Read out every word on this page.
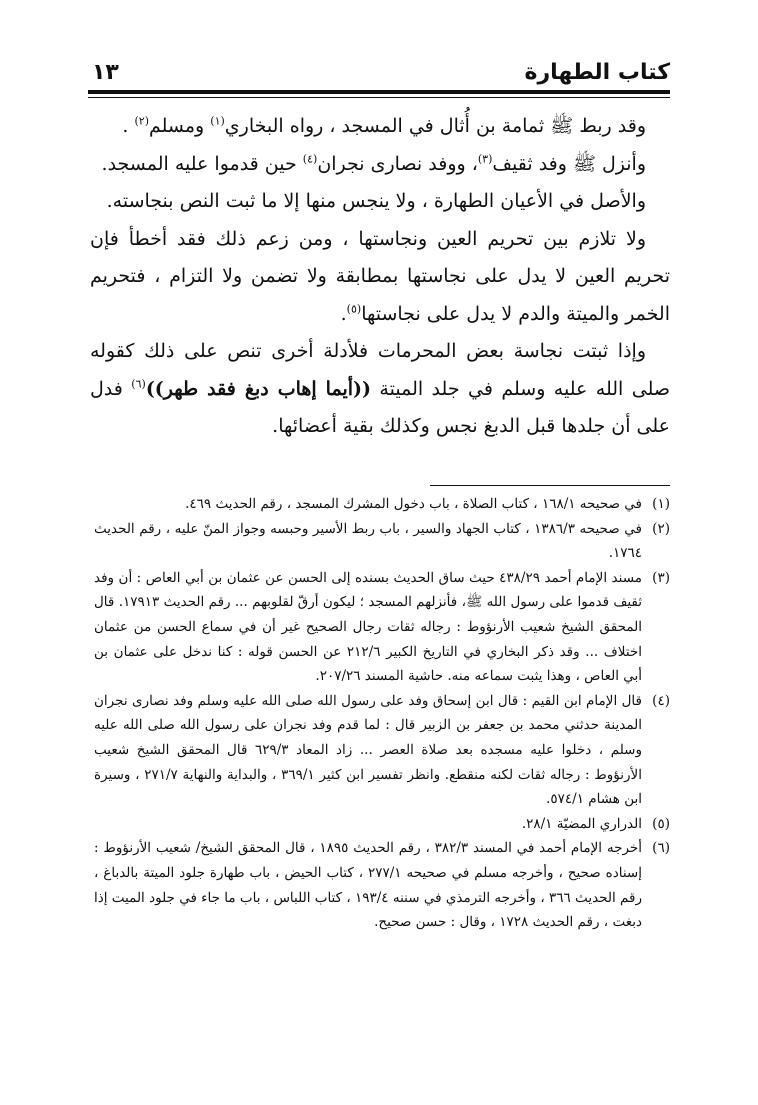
كتاب الطهارة
١٣

وقد ربط ﷺ ثمامة بن أُثال في المسجد ، رواه البخاري$^{(١)}$ ومسلم$^{(٢)}$ .

وأنزل ﷺ وفد ثقيف$^{(٣)}$، ووفد نصارى نجران$^{(٤)}$ حين قدموا عليه المسجد.

والأصل في الأعيان الطهارة ، ولا ينجس منها إلا ما ثبت النص بنجاسته.

ولا تلازم بين تحريم العين ونجاستها ، ومن زعم ذلك فقد أخطأ فإن تحريم العين لا يدل على نجاستها بمطابقة ولا تضمن ولا التزام ، فتحريم الخمر والميتة والدم لا يدل على نجاستها$^{(٥)}$.

وإذا ثبتت نجاسة بعض المحرمات فلأدلة أخرى تنص على ذلك كقوله صلى الله عليه وسلم في جلد الميتة ((أيما إهاب دبغ فقد طهر))$^{(٦)}$ فدل على أن جلدها قبل الدبغ نجس وكذلك بقية أعضائها.

(١)
في صحيحه ١٦٨/١ ، كتاب الصلاة ، باب دخول المشرك المسجد ، رقم الحديث ٤٦٩.

(٢)
في صحيحه ١٣٨٦/٣ ، كتاب الجهاد والسير ، باب ربط الأسير وحبسه وجواز المنّ عليه ، رقم الحديث ١٧٦٤.

(٣)
مسند الإمام أحمد ٤٣٨/٢٩ حيث ساق الحديث بسنده إلى الحسن عن عثمان بن أبي العاص : أن وفد ثقيف قدموا على رسول الله ﷺ، فأنزلهم المسجد ؛ ليكون أرقّ لقلوبهم ... رقم الحديث ١٧٩١٣. قال المحقق الشيخ شعيب الأرنؤوط : رجاله ثقات رجال الصحيح غير أن في سماع الحسن من عثمان اختلاف ... وقد ذكر البخاري في التاريخ الكبير ٢١٢/٦ عن الحسن قوله : كنا ندخل على عثمان بن أبي العاص ، وهذا يثبت سماعه منه. حاشية المسند ٢٠٧/٢٦.

(٤)
قال الإمام ابن القيم : قال ابن إسحاق وفد على رسول الله صلى الله عليه وسلم وفد نصارى نجران المدينة حدثني محمد بن جعفر بن الزبير قال : لما قدم وفد نجران على رسول الله صلى الله عليه وسلم ، دخلوا عليه مسجده بعد صلاة العصر ... زاد المعاد ٦٢٩/٣ قال المحقق الشيخ شعيب الأرنؤوط : رجاله ثقات لكنه منقطع. وانظر تفسير ابن كثير ٣٦٩/١ ، والبداية والنهاية ٢٧١/٧ ، وسيرة ابن هشام ٥٧٤/١.

(٥)
الدراري المضيّة ٢٨/١.

(٦)
أخرجه الإمام أحمد في المسند ٣٨٢/٣ ، رقم الحديث ١٨٩٥ ، قال المحقق الشيخ/ شعيب الأرنؤوط : إسناده صحيح ، وأخرجه مسلم في صحيحه ٢٧٧/١ ، كتاب الحيض ، باب طهارة جلود الميتة بالدباغ ، رقم الحديث ٣٦٦ ، وأخرجه الترمذي في سننه ١٩٣/٤ ، كتاب اللباس ، باب ما جاء في جلود الميت إذا دبغت ، رقم الحديث ١٧٢٨ ، وقال : حسن صحيح.
